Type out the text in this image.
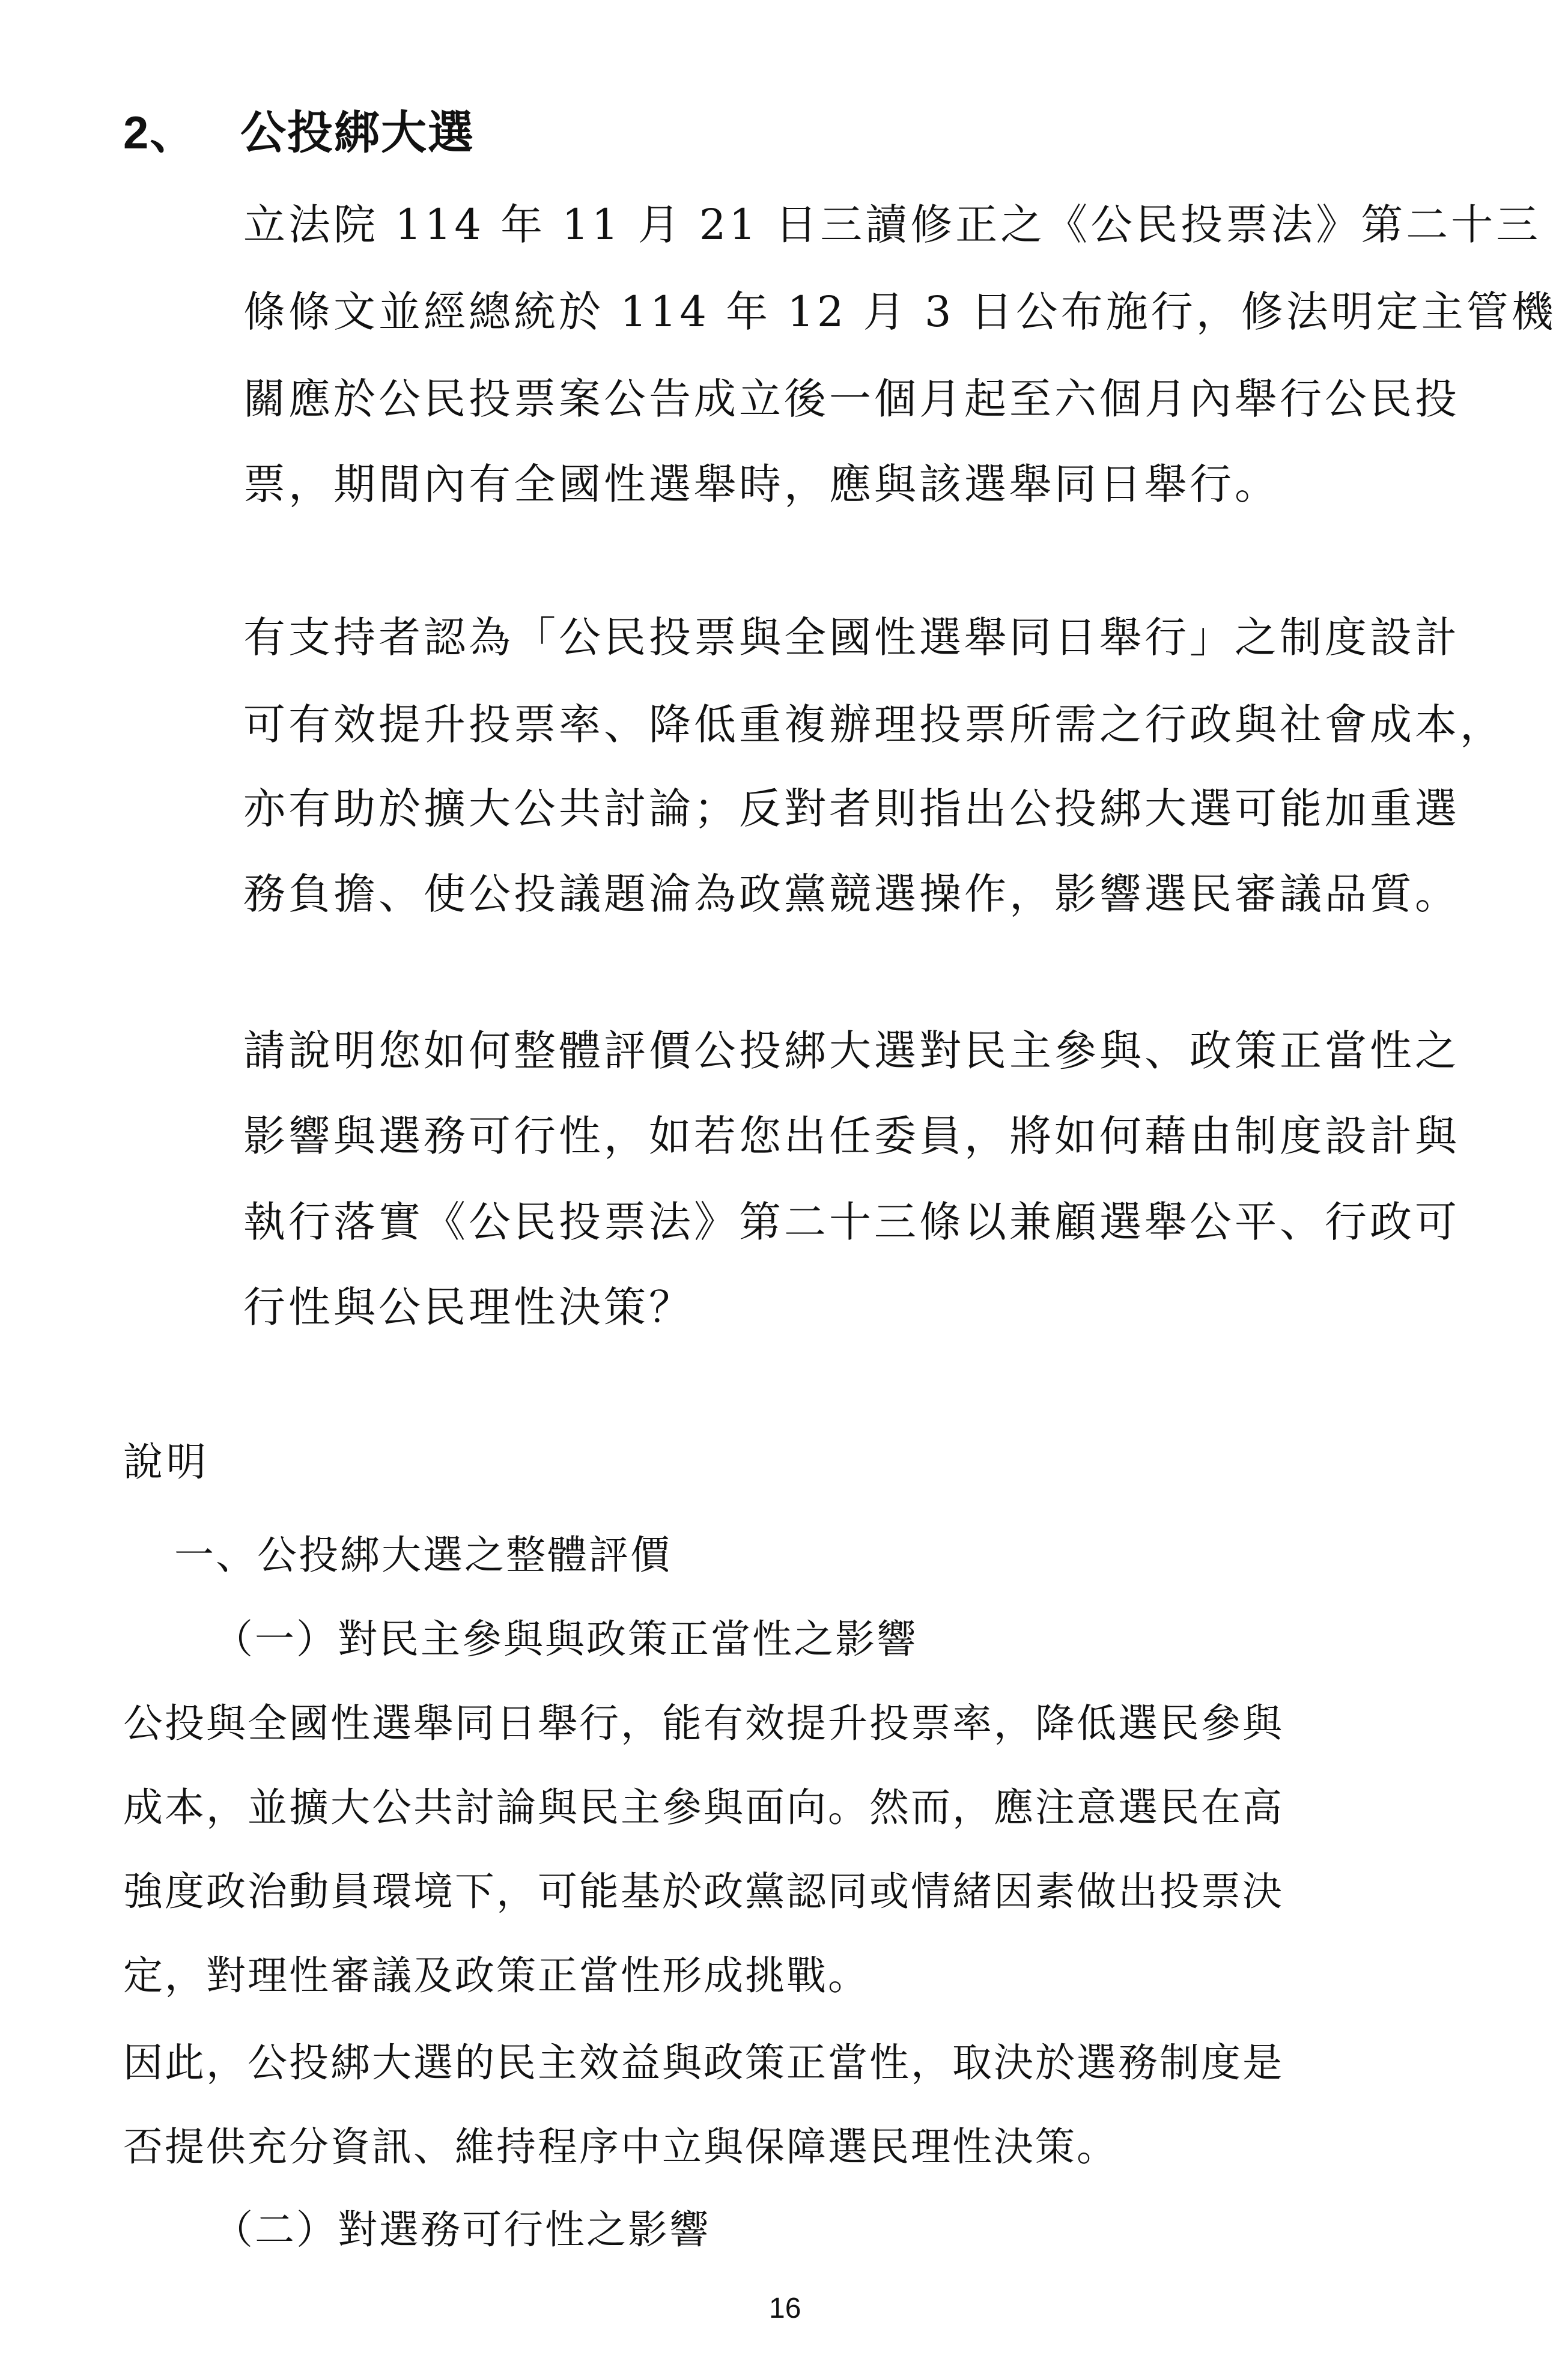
2、 公投綁大選
立法院 114 年 11 月 21 日三讀修正之《公民投票法》第二十三
條條文並經總統於 114 年 12 月 3 日公布施行，修法明定主管機
關應於公民投票案公告成立後一個月起至六個月內舉行公民投
票，期間內有全國性選舉時，應與該選舉同日舉行。
有支持者認為「公民投票與全國性選舉同日舉行」之制度設計
可有效提升投票率、降低重複辦理投票所需之行政與社會成本，
亦有助於擴大公共討論；反對者則指出公投綁大選可能加重選
務負擔、使公投議題淪為政黨競選操作，影響選民審議品質。
請說明您如何整體評價公投綁大選對民主參與、政策正當性之
影響與選務可行性，如若您出任委員，將如何藉由制度設計與
執行落實《公民投票法》第二十三條以兼顧選舉公平、行政可
行性與公民理性決策？
說明
一、公投綁大選之整體評價
（一）對民主參與與政策正當性之影響
公投與全國性選舉同日舉行，能有效提升投票率，降低選民參與
成本，並擴大公共討論與民主參與面向。然而，應注意選民在高
強度政治動員環境下，可能基於政黨認同或情緒因素做出投票決
定，對理性審議及政策正當性形成挑戰。
因此，公投綁大選的民主效益與政策正當性，取決於選務制度是
否提供充分資訊、維持程序中立與保障選民理性決策。
（二）對選務可行性之影響
16
